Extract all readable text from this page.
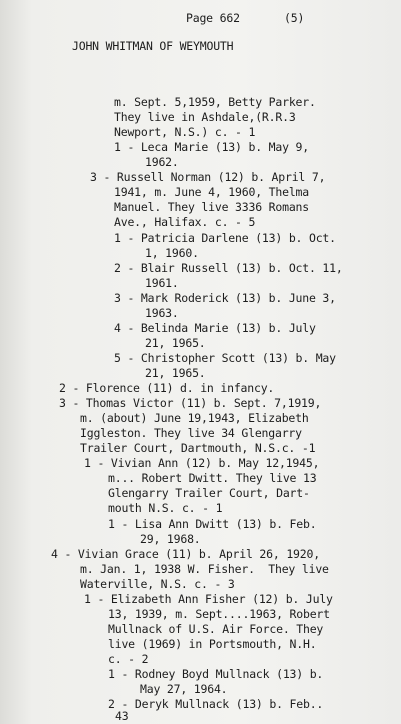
Page 662	(5)
JOHN WHITMAN OF WEYMOUTH
m. Sept. 5,1959, Betty Parker.
They live in Ashdale,(R.R.3
Newport, N.S.) c. - 1
1 - Leca Marie (13) b. May 9,
1962.
3 - Russell Norman (12) b. April 7,
1941, m. June 4, 1960, Thelma
Manuel. They live 3336 Romans
Ave., Halifax. c. - 5
1 - Patricia Darlene (13) b. Oct.
1, 1960.
2 - Blair Russell (13) b. Oct. 11,
1961.
3 - Mark Roderick (13) b. June 3,
1963.
4 - Belinda Marie (13) b. July
21, 1965.
5 - Christopher Scott (13) b. May
21, 1965.
2 - Florence (11) d. in infancy.
3 - Thomas Victor (11) b. Sept. 7,1919,
m. (about) June 19,1943, Elizabeth
Iggleston. They live 34 Glengarry
Trailer Court, Dartmouth, N.S.c. -1
1 - Vivian Ann (12) b. May 12,1945,
m... Robert Dwitt. They live 13
Glengarry Trailer Court, Dart-
mouth N.S. c. - 1
1 - Lisa Ann Dwitt (13) b. Feb.
29, 1968.
4 - Vivian Grace (11) b. April 26, 1920,
m. Jan. 1, 1938 W. Fisher.  They live
Waterville, N.S. c. - 3
1 - Elizabeth Ann Fisher (12) b. July
13, 1939, m. Sept....1963, Robert
Mullnack of U.S. Air Force. They
live (1969) in Portsmouth, N.H.
c. - 2
1 - Rodney Boyd Mullnack (13) b.
May 27, 1964.
2 - Deryk Mullnack (13) b. Feb..
43
